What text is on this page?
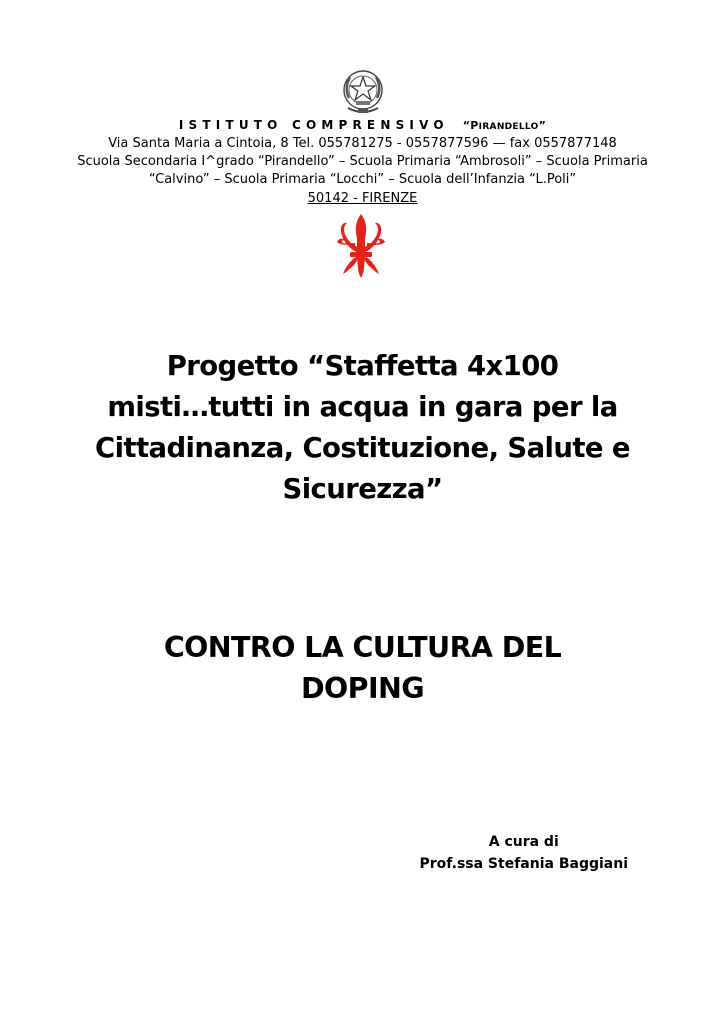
ISTITUTO COMPRENSIVO “PIRANDELLO”
Via Santa Maria a Cintoia, 8 Tel. 055781275 - 0557877596 — fax 0557877148
Scuola Secondaria I^grado “Pirandello” – Scuola Primaria “Ambrosoli” – Scuola Primaria
“Calvino” – Scuola Primaria “Locchi” – Scuola dell’Infanzia “L.Poli”
50142 - FIRENZE
Progetto “Staffetta 4x100
misti…tutti in acqua in gara per la
Cittadinanza, Costituzione, Salute e
Sicurezza”
CONTRO LA CULTURA DEL
DOPING
A cura di
Prof.ssa Stefania Baggiani
